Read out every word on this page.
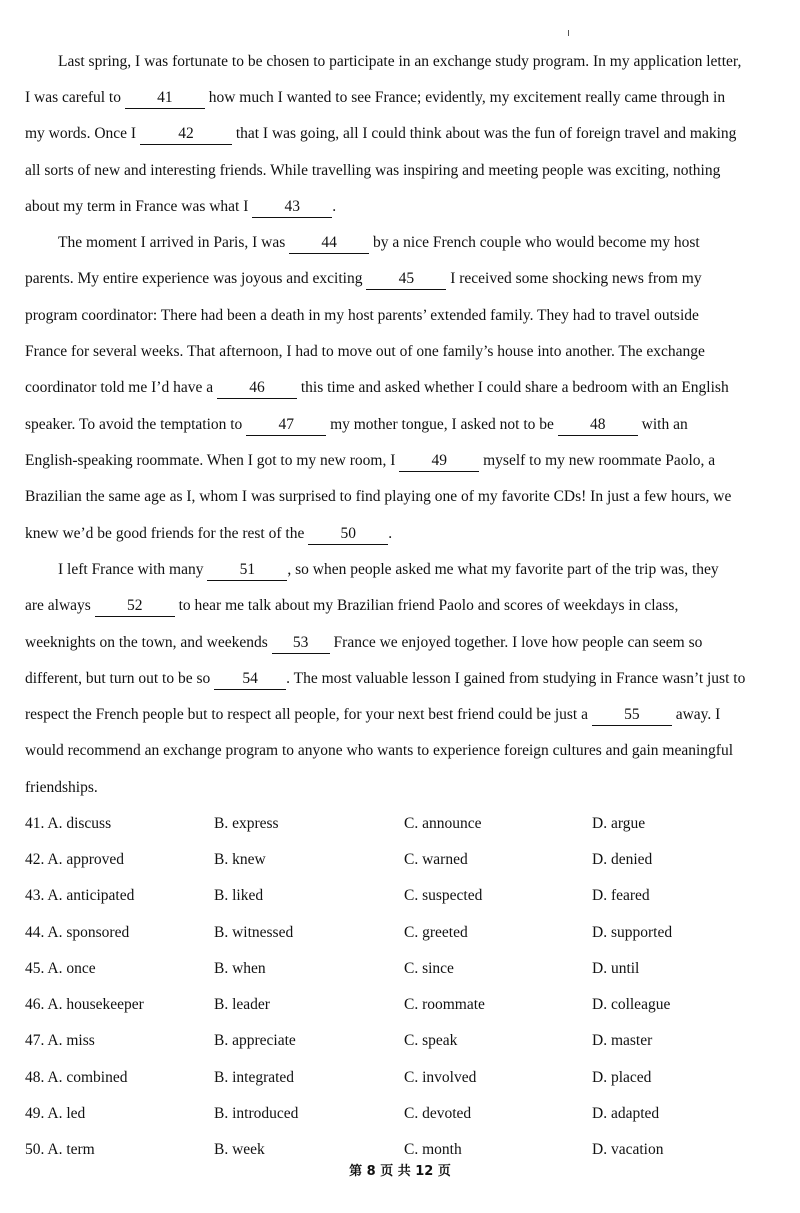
Last spring, I was fortunate to be chosen to participate in an exchange study program. In my application letter,
I was careful to 41 how much I wanted to see France; evidently, my excitement really came through in
my words. Once I	42	that I was going, all I could think about was the fun of foreign travel and making
all sorts of new and interesting friends. While travelling was inspiring and meeting people was exciting, nothing
about my term in France was what I 43 .
The moment I arrived in Paris, I was 44 by a nice French couple who would become my host
parents. My entire experience was joyous and exciting 45 I received some shocking news from my
program coordinator: There had been a death in my host parents’ extended family. They had to travel outside
France for several weeks. That afternoon, I had to move out of one family’s house into another. The exchange
coordinator told me I’d have a 46 this time and asked whether I could share a bedroom with an English
speaker. To avoid the temptation to 47 my mother tongue, I asked not to be 48 with an
English-speaking roommate. When I got to my new room, I 49 myself to my new roommate Paolo, a
Brazilian the same age as I, whom I was surprised to find playing one of my favorite CDs! In just a few hours, we
knew we’d be good friends for the rest of the 50 .
I left France with many 51 , so when people asked me what my favorite part of the trip was, they
are always 52 to hear me talk about my Brazilian friend Paolo and scores of weekdays in class,
weeknights on the town, and weekends 53 France we enjoyed together. I love how people can seem so
different, but turn out to be so 54 . The most valuable lesson I gained from studying in France wasn’t just to
respect the French people but to respect all people, for your next best friend could be just a 55 away. I
would recommend an exchange program to anyone who wants to experience foreign cultures and gain meaningful
friendships.
41. A. discuss	B. express	C. announce	D. argue
42. A. approved	B. knew	C. warned	D. denied
43. A. anticipated	B. liked	C. suspected	D. feared
44. A. sponsored	B. witnessed	C. greeted	D. supported
45. A. once	B. when	C. since	D. until
46. A. housekeeper	B. leader	C. roommate	D. colleague
47. A. miss	B. appreciate	C. speak	D. master
48. A. combined	B. integrated	C. involved	D. placed
49. A. led	B. introduced	C. devoted	D. adapted
50. A. term	B. week	C. month	D. vacation
第 8 页 共 12 页
